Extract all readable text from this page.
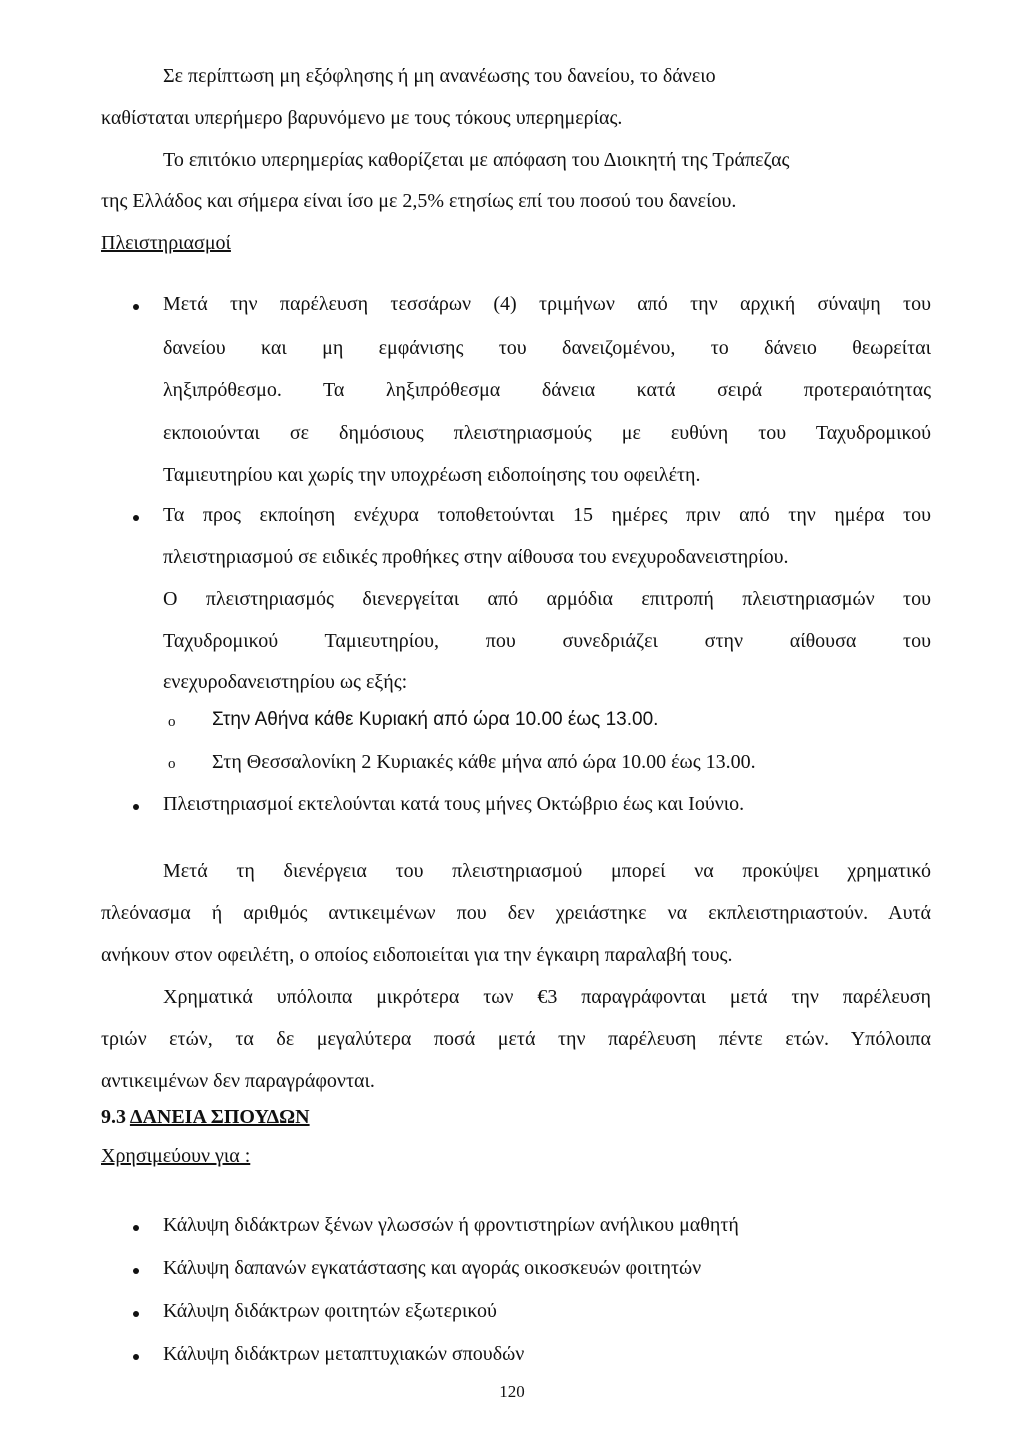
Σε περίπτωση μη εξόφλησης ή μη ανανέωσης του δανείου, το δάνειο

καθίσταται υπερήμερο βαρυνόμενο με τους τόκους υπερημερίας.

Το επιτόκιο υπερημερίας καθορίζεται με απόφαση του Διοικητή της Τράπεζας

της Ελλάδος και σήμερα είναι ίσο με 2,5% ετησίως επί του ποσού του δανείου.

Πλειστηριασμοί

Μετά την παρέλευση τεσσάρων (4) τριμήνων από την αρχική σύναψη του

δανείου και μη εμφάνισης του δανειζομένου, το δάνειο θεωρείται

ληξιπρόθεσμο. Τα ληξιπρόθεσμα δάνεια κατά σειρά προτεραιότητας

εκποιούνται σε δημόσιους πλειστηριασμούς με ευθύνη του Ταχυδρομικού

Ταμιευτηρίου και χωρίς την υποχρέωση ειδοποίησης του οφειλέτη.

Τα προς εκποίηση ενέχυρα τοποθετούνται 15 ημέρες πριν από την ημέρα του

πλειστηριασμού σε ειδικές προθήκες στην αίθουσα του ενεχυροδανειστηρίου.

Ο πλειστηριασμός διενεργείται από αρμόδια επιτροπή πλειστηριασμών του

Ταχυδρομικού Ταμιευτηρίου, που συνεδριάζει στην αίθουσα του

ενεχυροδανειστηρίου ως εξής:

o Στην Αθήνα κάθε Κυριακή από ώρα 10.00 έως 13.00.

o Στη Θεσσαλονίκη 2 Κυριακές κάθε μήνα από ώρα 10.00 έως 13.00.

Πλειστηριασμοί εκτελούνται κατά τους μήνες Οκτώβριο έως και Ιούνιο.

Μετά τη διενέργεια του πλειστηριασμού μπορεί να προκύψει χρηματικό

πλεόνασμα ή αριθμός αντικειμένων που δεν χρειάστηκε να εκπλειστηριαστούν. Αυτά

ανήκουν στον οφειλέτη, ο οποίος ειδοποιείται για την έγκαιρη παραλαβή τους.

Χρηματικά υπόλοιπα μικρότερα των €3 παραγράφονται μετά την παρέλευση

τριών ετών, τα δε μεγαλύτερα ποσά μετά την παρέλευση πέντε ετών. Υπόλοιπα

αντικειμένων δεν παραγράφονται.

9.3 ΔΑΝΕΙΑ ΣΠΟΥΔΩΝ

Χρησιμεύουν για :

Κάλυψη διδάκτρων ξένων γλωσσών ή φροντιστηρίων ανήλικου μαθητή

Κάλυψη δαπανών εγκατάστασης και αγοράς οικοσκευών φοιτητών

Κάλυψη διδάκτρων φοιτητών εξωτερικού

Κάλυψη διδάκτρων μεταπτυχιακών σπουδών

120
